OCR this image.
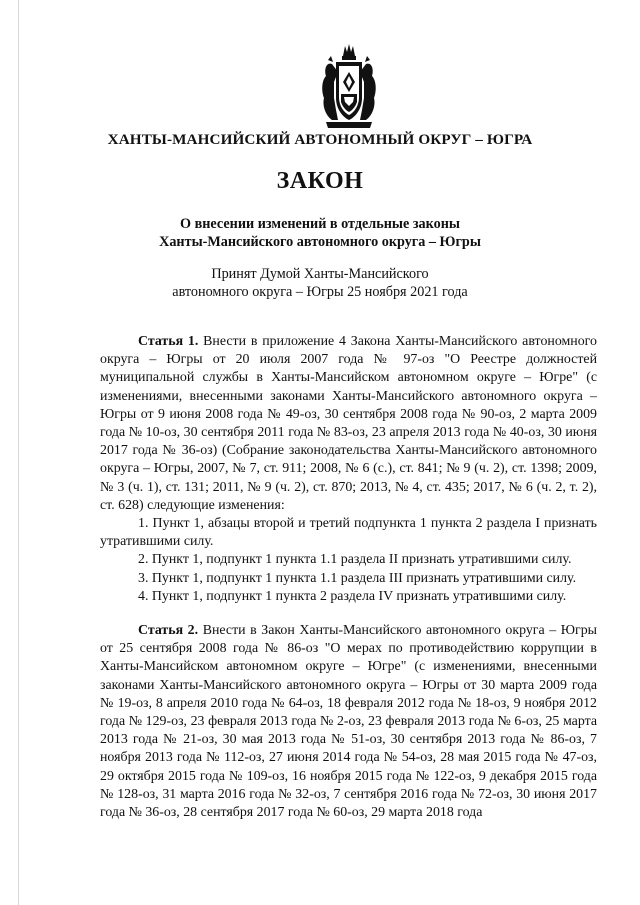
ХАНТЫ-МАНСИЙСКИЙ АВТОНОМНЫЙ ОКРУГ – ЮГРА
ЗАКОН
О внесении изменений в отдельные законы
Ханты-Мансийского автономного округа – Югры
Принят Думой Ханты-Мансийского
автономного округа – Югры 25 ноября 2021 года

Статья 1. Внести в приложение 4 Закона Ханты-Мансийского автономного округа – Югры от 20 июля 2007 года № 97-оз "О Реестре должностей муниципальной службы в Ханты-Мансийском автономном округе – Югре" (с изменениями, внесенными законами Ханты-Мансийского автономного округа – Югры от 9 июня 2008 года № 49-оз, 30 сентября 2008 года № 90-оз, 2 марта 2009 года № 10-оз, 30 сентября 2011 года № 83-оз, 23 апреля 2013 года № 40-оз, 30 июня 2017 года № 36-оз) (Собрание законодательства Ханты-Мансийского автономного округа – Югры, 2007, № 7, ст. 911; 2008, № 6 (с.), ст. 841; № 9 (ч. 2), ст. 1398; 2009, № 3 (ч. 1), ст. 131; 2011, № 9 (ч. 2), ст. 870; 2013, № 4, ст. 435; 2017, № 6 (ч. 2, т. 2), ст. 628) следующие изменения:

1. Пункт 1, абзацы второй и третий подпункта 1 пункта 2 раздела I признать утратившими силу.

2. Пункт 1, подпункт 1 пункта 1.1 раздела II признать утратившими силу.

3. Пункт 1, подпункт 1 пункта 1.1 раздела III признать утратившими силу.

4. Пункт 1, подпункт 1 пункта 2 раздела IV признать утратившими силу.

Статья 2. Внести в Закон Ханты-Мансийского автономного округа – Югры от 25 сентября 2008 года № 86-оз "О мерах по противодействию коррупции в Ханты-Мансийском автономном округе – Югре" (с изменениями, внесенными законами Ханты-Мансийского автономного округа – Югры от 30 марта 2009 года № 19-оз, 8 апреля 2010 года № 64-оз, 18 февраля 2012 года № 18-оз, 9 ноября 2012 года № 129-оз, 23 февраля 2013 года № 2-оз, 23 февраля 2013 года № 6-оз, 25 марта 2013 года № 21-оз, 30 мая 2013 года № 51-оз, 30 сентября 2013 года № 86-оз, 7 ноября 2013 года № 112-оз, 27 июня 2014 года № 54-оз, 28 мая 2015 года № 47-оз, 29 октября 2015 года № 109-оз, 16 ноября 2015 года № 122-оз, 9 декабря 2015 года № 128-оз, 31 марта 2016 года № 32-оз, 7 сентября 2016 года № 72-оз, 30 июня 2017 года № 36-оз, 28 сентября 2017 года № 60-оз, 29 марта 2018 года
